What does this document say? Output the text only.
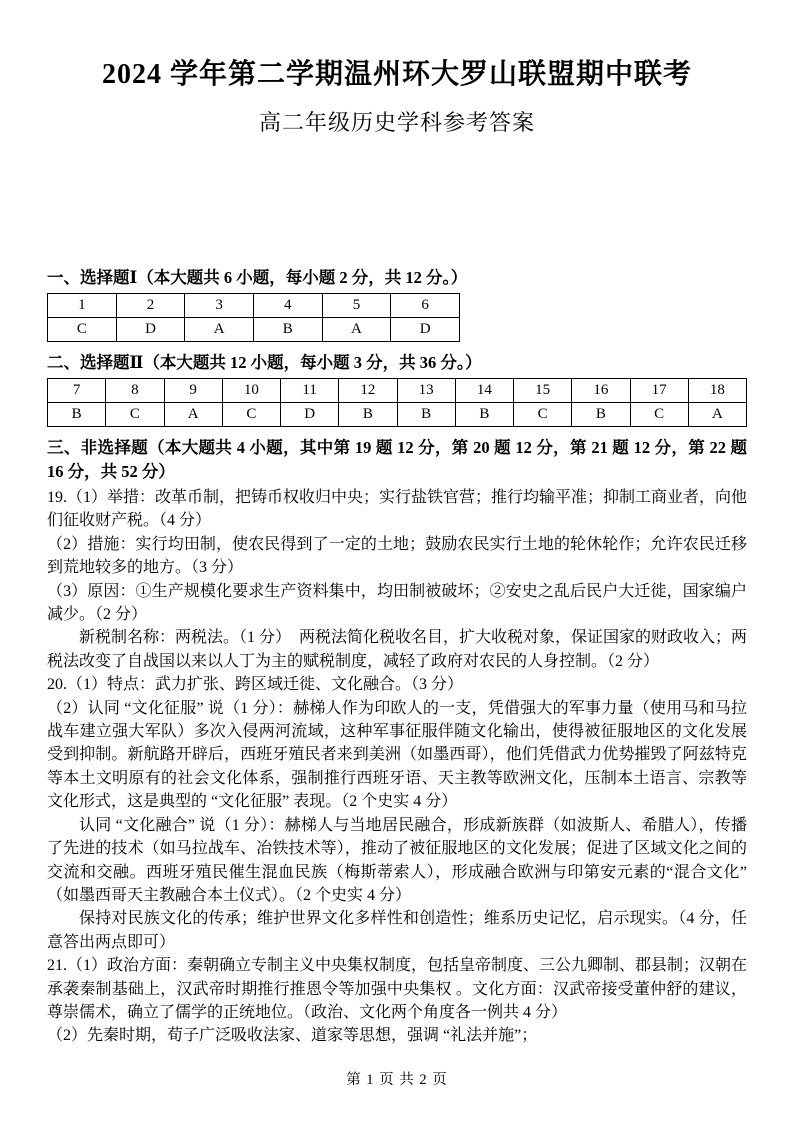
2024 学年第二学期温州环大罗山联盟期中联考
高二年级历史学科参考答案
一、选择题Ⅰ（本大题共 6 小题，每小题 2 分，共 12 分。）
1	2	3	4	5	6
C	D	A	B	A	D
二、选择题Ⅱ（本大题共 12 小题，每小题 3 分，共 36 分。）
7	8	9	10	11	12	13	14	15	16	17	18
B	C	A	C	D	B	B	B	C	B	C	A
三、非选择题（本大题共 4 小题，其中第 19 题 12 分，第 20 题 12 分，第 21 题 12 分，第 22 题 16 分，共 52 分）

19.（1）举措：改革币制，把铸币权收归中央；实行盐铁官营；推行均输平准；抑制工商业者，向他们征收财产税。（4 分）

（2）措施：实行均田制，使农民得到了一定的土地；鼓励农民实行土地的轮休轮作；允许农民迁移到荒地较多的地方。（3 分）

（3）原因：①生产规模化要求生产资料集中，均田制被破坏；②安史之乱后民户大迁徙，国家编户减少。（2 分）

新税制名称：两税法。（1 分）　两税法简化税收名目，扩大收税对象，保证国家的财政收入；两税法改变了自战国以来以人丁为主的赋税制度，减轻了政府对农民的人身控制。（2 分）

20.（1）特点：武力扩张、跨区域迁徙、文化融合。（3 分）

（2）认同 “文化征服” 说（1 分）：赫梯人作为印欧人的一支，凭借强大的军事力量（使用马和马拉战车建立强大军队）多次入侵两河流域，这种军事征服伴随文化输出，使得被征服地区的文化发展受到抑制。新航路开辟后，西班牙殖民者来到美洲（如墨西哥），他们凭借武力优势摧毁了阿兹特克等本土文明原有的社会文化体系，强制推行西班牙语、天主教等欧洲文化，压制本土语言、宗教等文化形式，这是典型的 “文化征服” 表现。（2 个史实 4 分）

认同 “文化融合” 说（1 分）：赫梯人与当地居民融合，形成新族群（如波斯人、希腊人），传播了先进的技术（如马拉战车、冶铁技术等），推动了被征服地区的文化发展；促进了区域文化之间的交流和交融。西班牙殖民催生混血民族（梅斯蒂索人），形成融合欧洲与印第安元素的“混合文化”（如墨西哥天主教融合本土仪式）。（2 个史实 4 分）

保持对民族文化的传承；维护世界文化多样性和创造性；维系历史记忆，启示现实。（4 分，任意答出两点即可）

21.（1）政治方面：秦朝确立专制主义中央集权制度，包括皇帝制度、三公九卿制、郡县制；汉朝在承袭秦制基础上，汉武帝时期推行推恩令等加强中央集权 。文化方面：汉武帝接受董仲舒的建议，尊崇儒术，确立了儒学的正统地位。（政治、文化两个角度各一例共 4 分）

（2）先秦时期，荀子广泛吸收法家、道家等思想，强调 “礼法并施”；

第 1 页 共 2 页
